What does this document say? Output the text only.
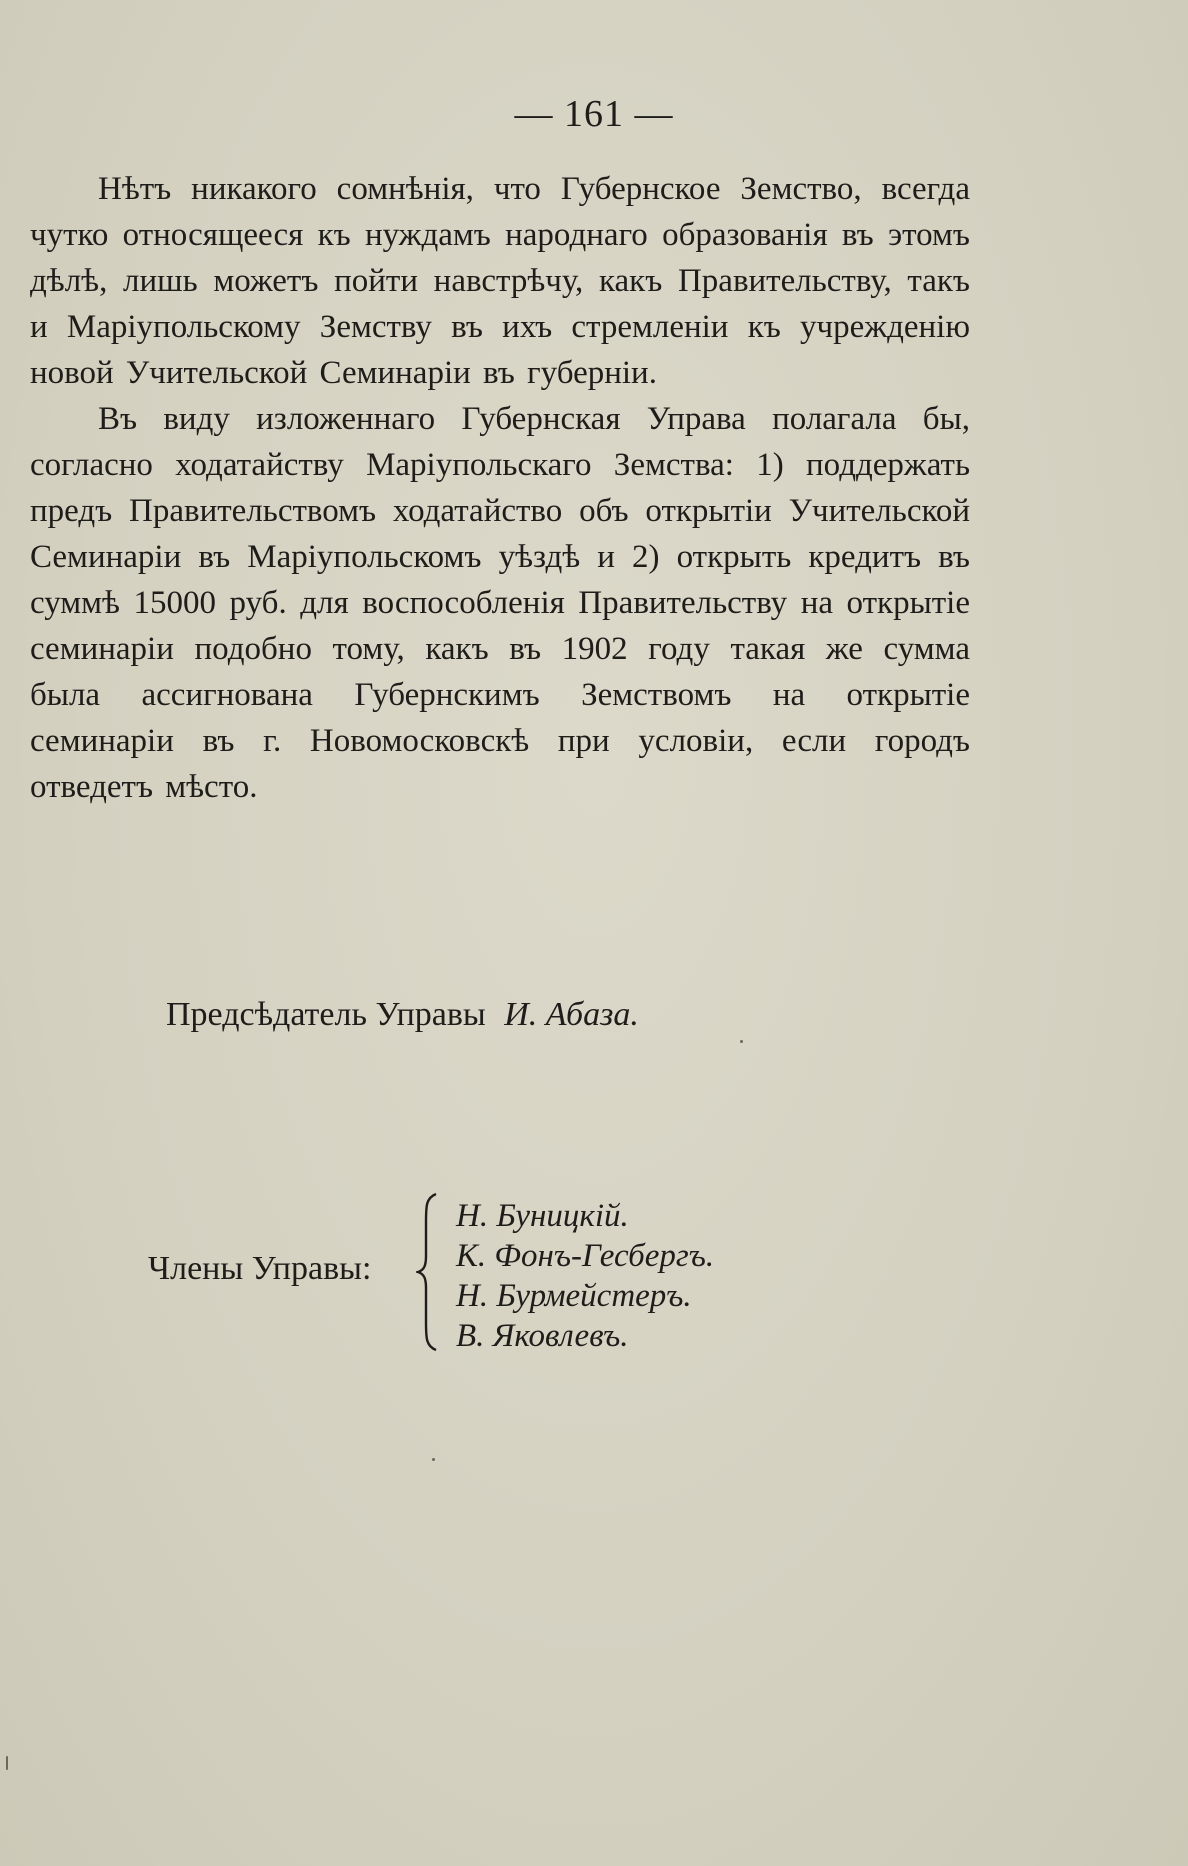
— 161 —

Нѣтъ никакого сомнѣнія, что Губернское Земство, всегда чутко относящееся къ нуждамъ народнаго образованія въ этомъ дѣлѣ, лишь можетъ пойти навстрѣчу, какъ Правительству, такъ и Маріупольскому Земству въ ихъ стремленіи къ учрежденію новой Учительской Семинаріи въ губерніи.

Въ виду изложеннаго Губернская Управа полагала бы, согласно ходатайству Маріупольскаго Земства: 1) поддержать предъ Правительствомъ ходатайство объ открытіи Учительской Семинаріи въ Маріупольскомъ уѣздѣ и 2) открыть кредитъ въ суммѣ 15000 руб. для воспособленія Правительству на открытіе семинаріи подобно тому, какъ въ 1902 году такая же сумма была ассигнована Губернскимъ Земствомъ на открытіе семинаріи въ г. Новомосковскѣ при условіи, если городъ отведетъ мѣсто.

Предсѣдатель Управы И. Абаза.
Члены Управы:
Н. Буницкій.
К. Фонъ-Гесбергъ.
Н. Бурмейстеръ.
В. Яковлевъ.
